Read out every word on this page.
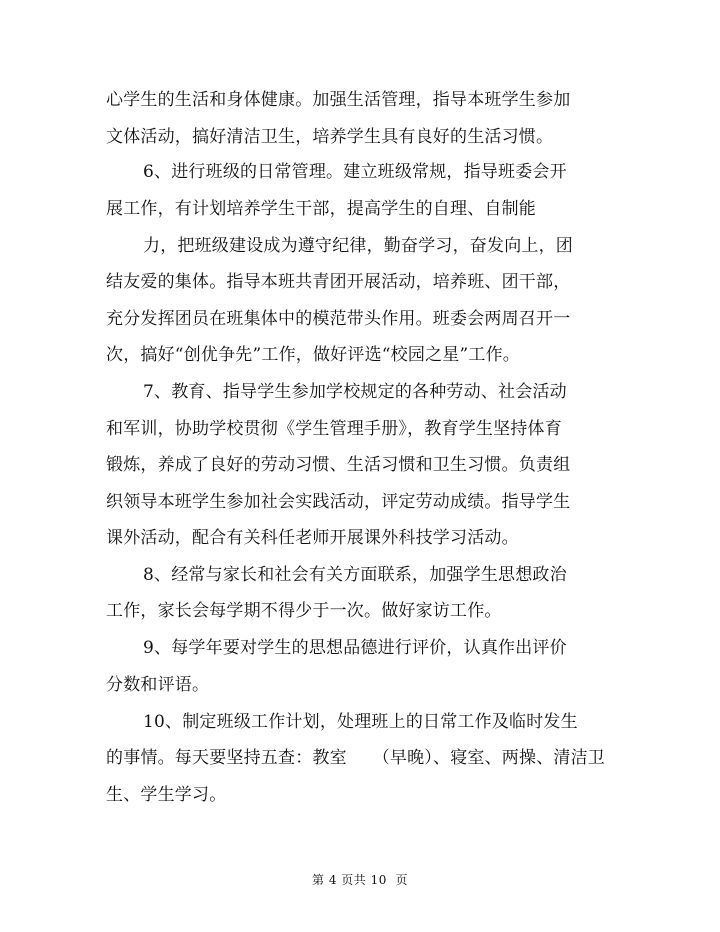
心学生的生活和身体健康。加强生活管理，指导本班学生参加
文体活动，搞好清洁卫生，培养学生具有良好的生活习惯。
6、进行班级的日常管理。建立班级常规，指导班委会开
展工作，有计划培养学生干部，提高学生的自理、自制能
力，把班级建设成为遵守纪律，勤奋学习，奋发向上，团
结友爱的集体。指导本班共青团开展活动，培养班、团干部，
充分发挥团员在班集体中的模范带头作用。班委会两周召开一
次，搞好“创优争先”工作，做好评选“校园之星”工作。
7、教育、指导学生参加学校规定的各种劳动、社会活动
和军训，协助学校贯彻《学生管理手册》，教育学生坚持体育
锻炼，养成了良好的劳动习惯、生活习惯和卫生习惯。负责组
织领导本班学生参加社会实践活动，评定劳动成绩。指导学生
课外活动，配合有关科任老师开展课外科技学习活动。
8、经常与家长和社会有关方面联系，加强学生思想政治
工作，家长会每学期不得少于一次。做好家访工作。
9、每学年要对学生的思想品德进行评价，认真作出评价
分数和评语。
10、制定班级工作计划，处理班上的日常工作及临时发生
的事情。每天要坚持五查：教室　　（早晚）、寝室、两操、清洁卫
生、学生学习。
第 4 页共 10  页
